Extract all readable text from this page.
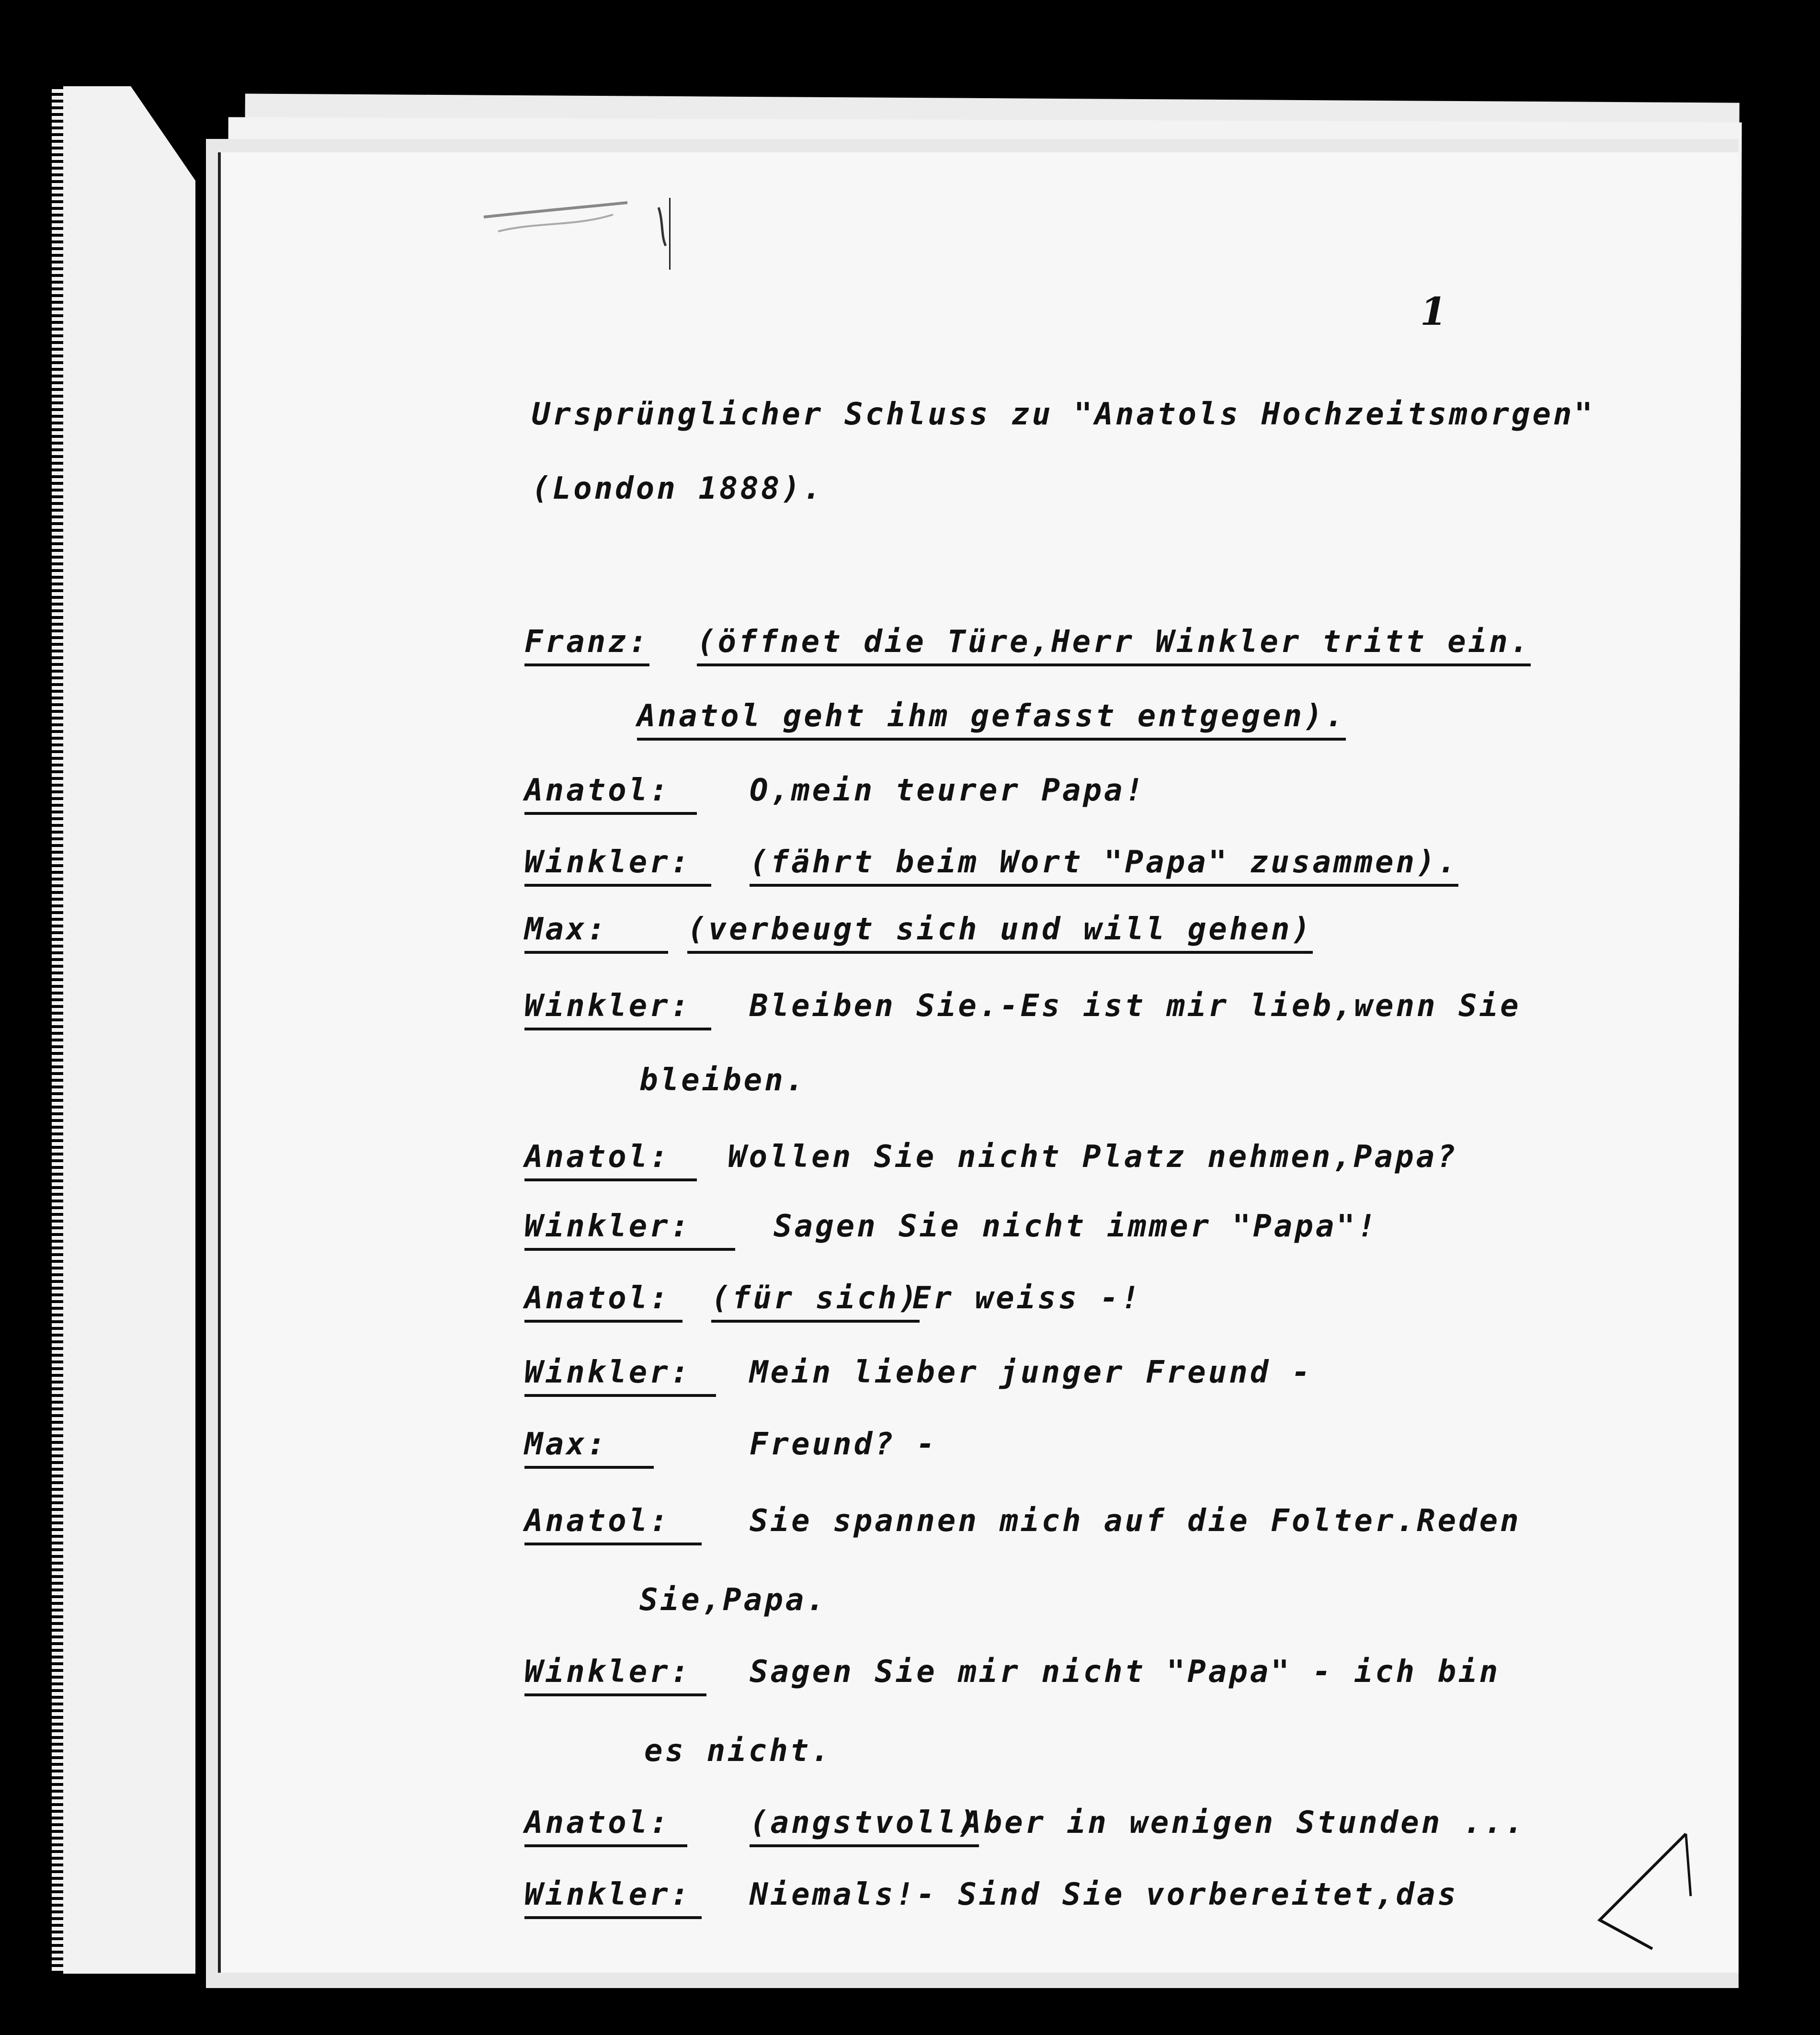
1
Ursprünglicher Schluss zu "Anatols Hochzeitsmorgen"
(London 1888).
Franz: (öffnet die Türe,Herr Winkler tritt ein.
Anatol geht ihm gefasst entgegen).
Anatol:	O,mein teurer Papa!
Winkler:	(fährt beim Wort "Papa" zusammen).
Max:	(verbeugt sich und will gehen)
Winkler:	Bleiben Sie.-Es ist mir lieb,wenn Sie
bleiben.
Anatol:	Wollen Sie nicht Platz nehmen,Papa?
Winkler:	Sagen Sie nicht immer "Papa"!
Anatol:	(für sich)
Er weiss -!
Winkler:	Mein lieber junger Freund -
Max:	Freund? -
Anatol:	Sie spannen mich auf die Folter.Reden
Sie,Papa.
Winkler:	Sagen Sie mir nicht "Papa" - ich bin
es nicht.
Anatol:	(angstvoll)
Aber in wenigen Stunden ...
Winkler:	Niemals!- Sind Sie vorbereitet,das
